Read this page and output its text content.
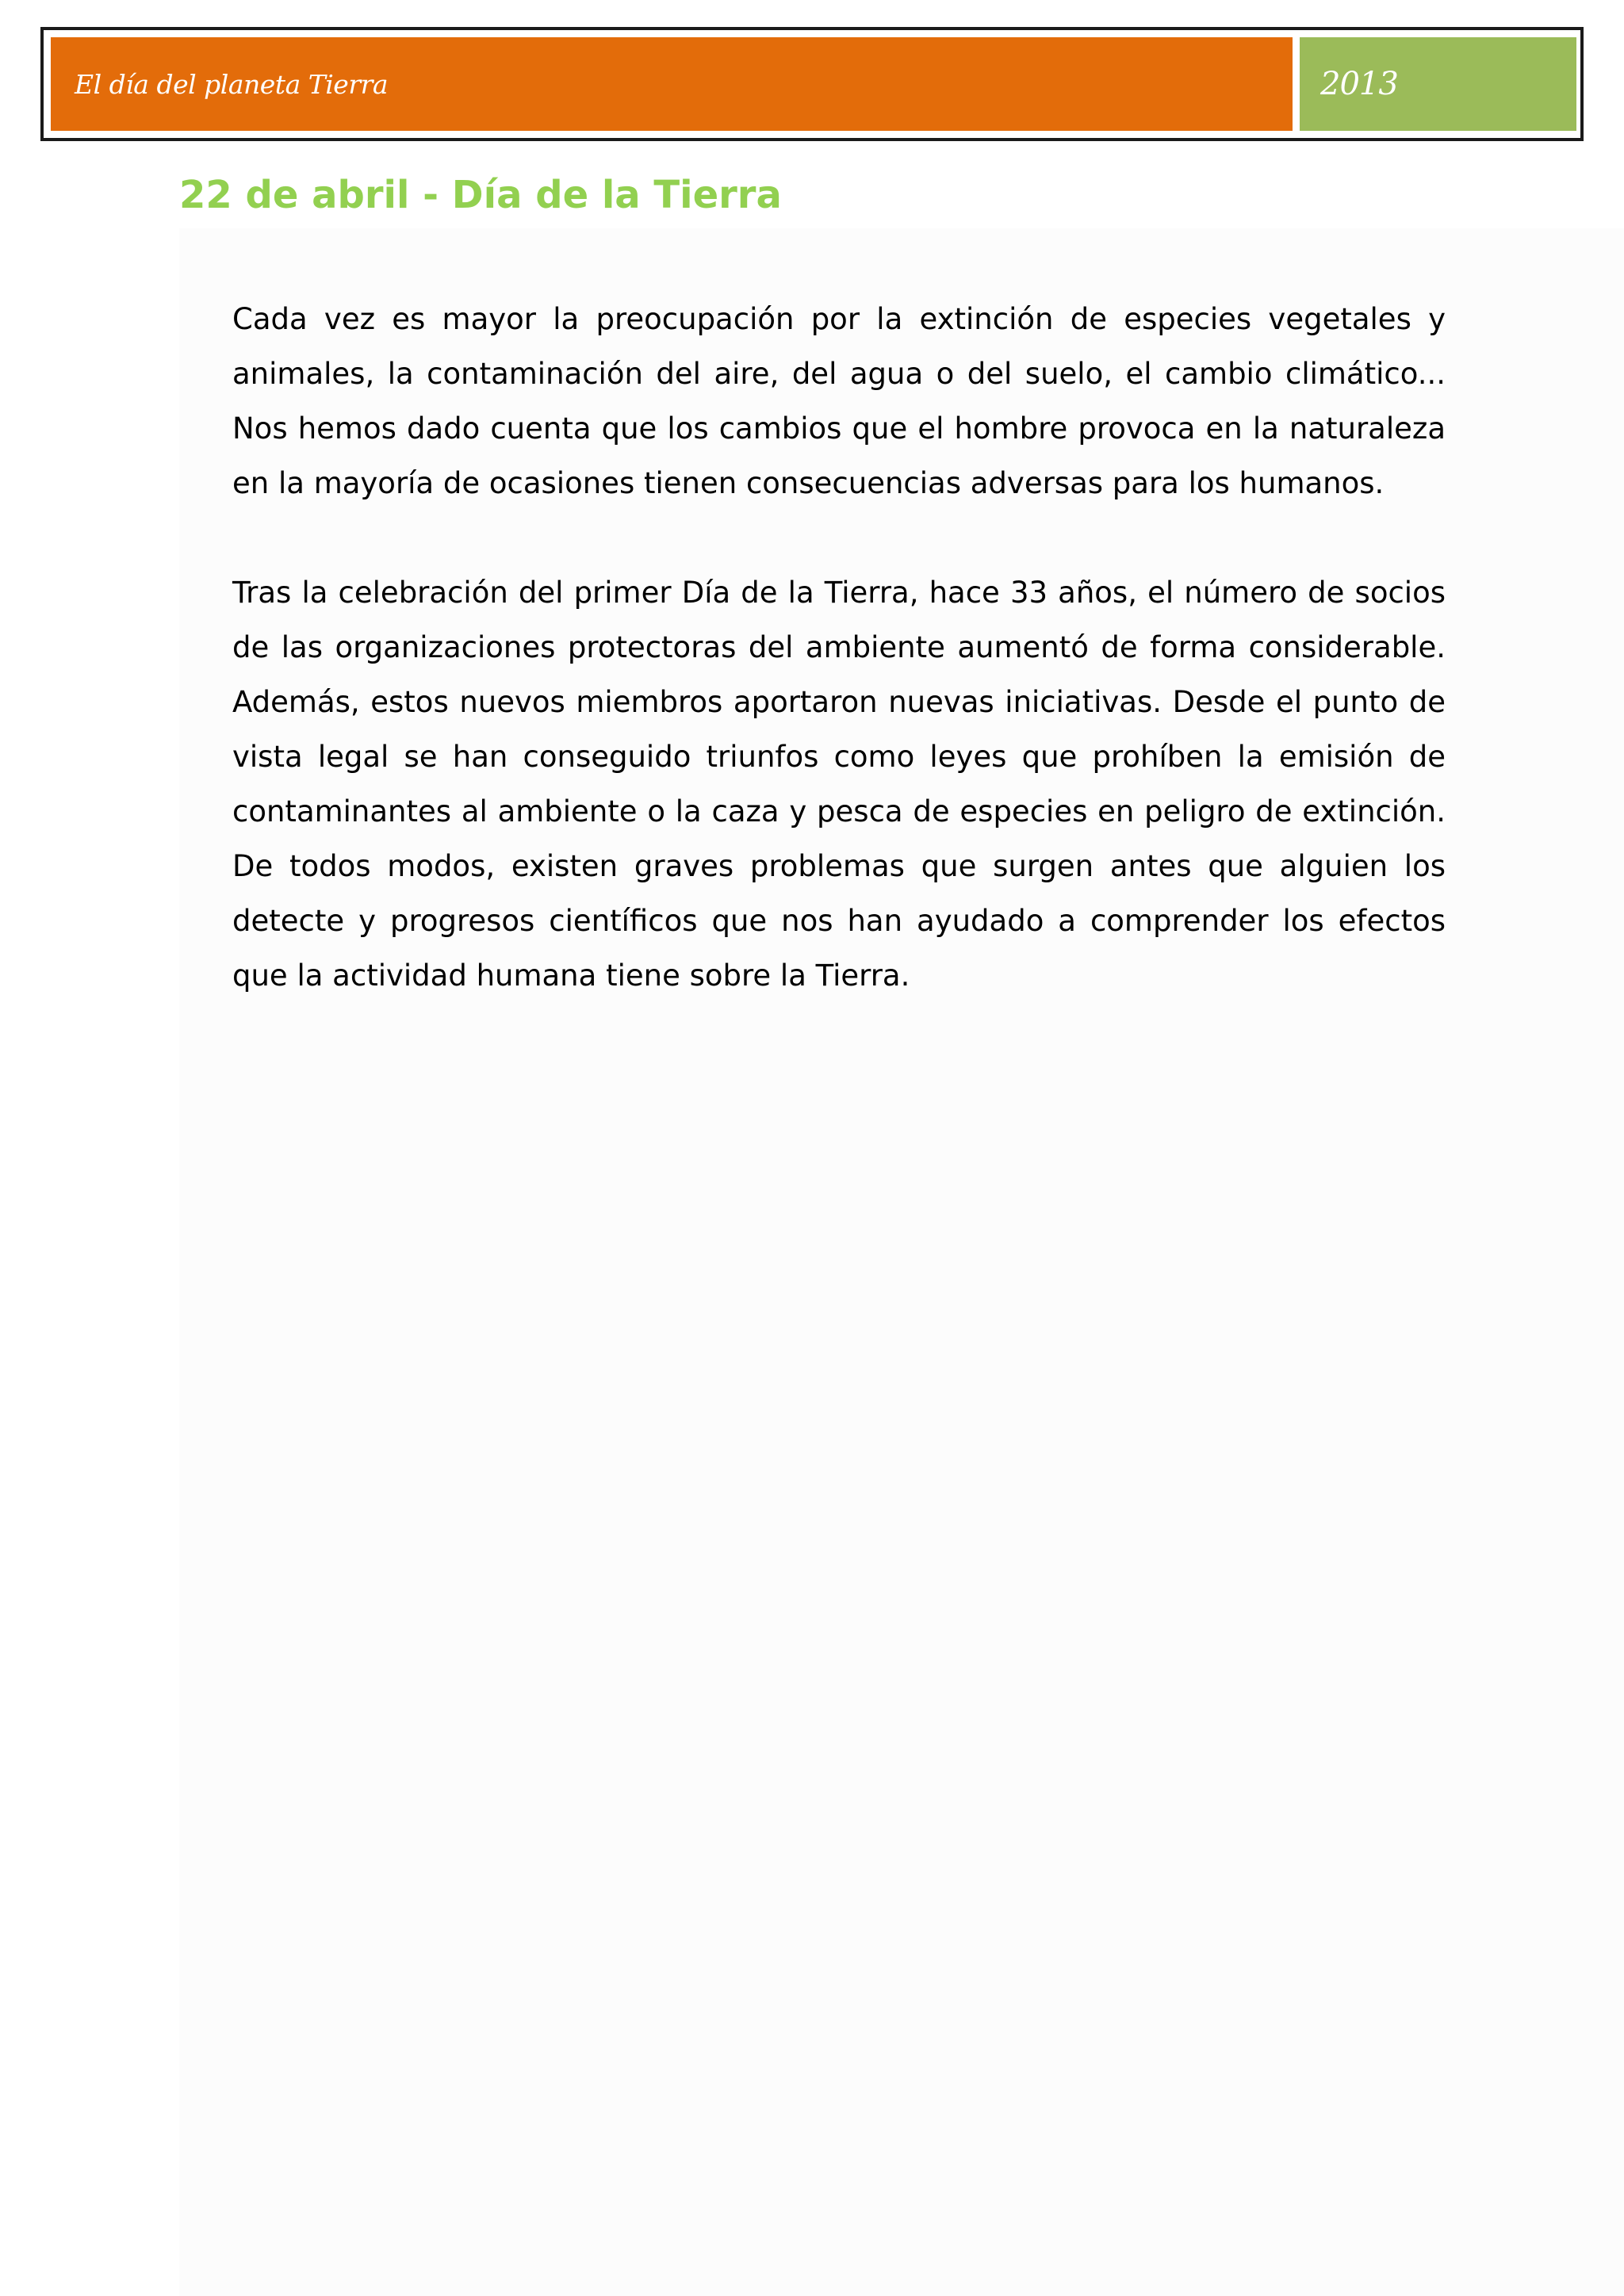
El día del planeta Tierra	2013
22 de abril - Día de la Tierra

Cada vez es mayor la preocupación por la extinción de especies vegetales y animales, la contaminación del aire, del agua o del suelo, el cambio climático... Nos hemos dado cuenta que los cambios que el hombre provoca en la naturaleza en la mayoría de ocasiones tienen consecuencias adversas para los humanos.

Tras la celebración del primer Día de la Tierra, hace 33 años, el número de socios de las organizaciones protectoras del ambiente aumentó de forma considerable. Además, estos nuevos miembros aportaron nuevas iniciativas. Desde el punto de vista legal se han conseguido triunfos como leyes que prohíben la emisión de contaminantes al ambiente o la caza y pesca de especies en peligro de extinción. De todos modos, existen graves problemas que surgen antes que alguien los detecte y progresos científicos que nos han ayudado a comprender los efectos que la actividad humana tiene sobre la Tierra.
